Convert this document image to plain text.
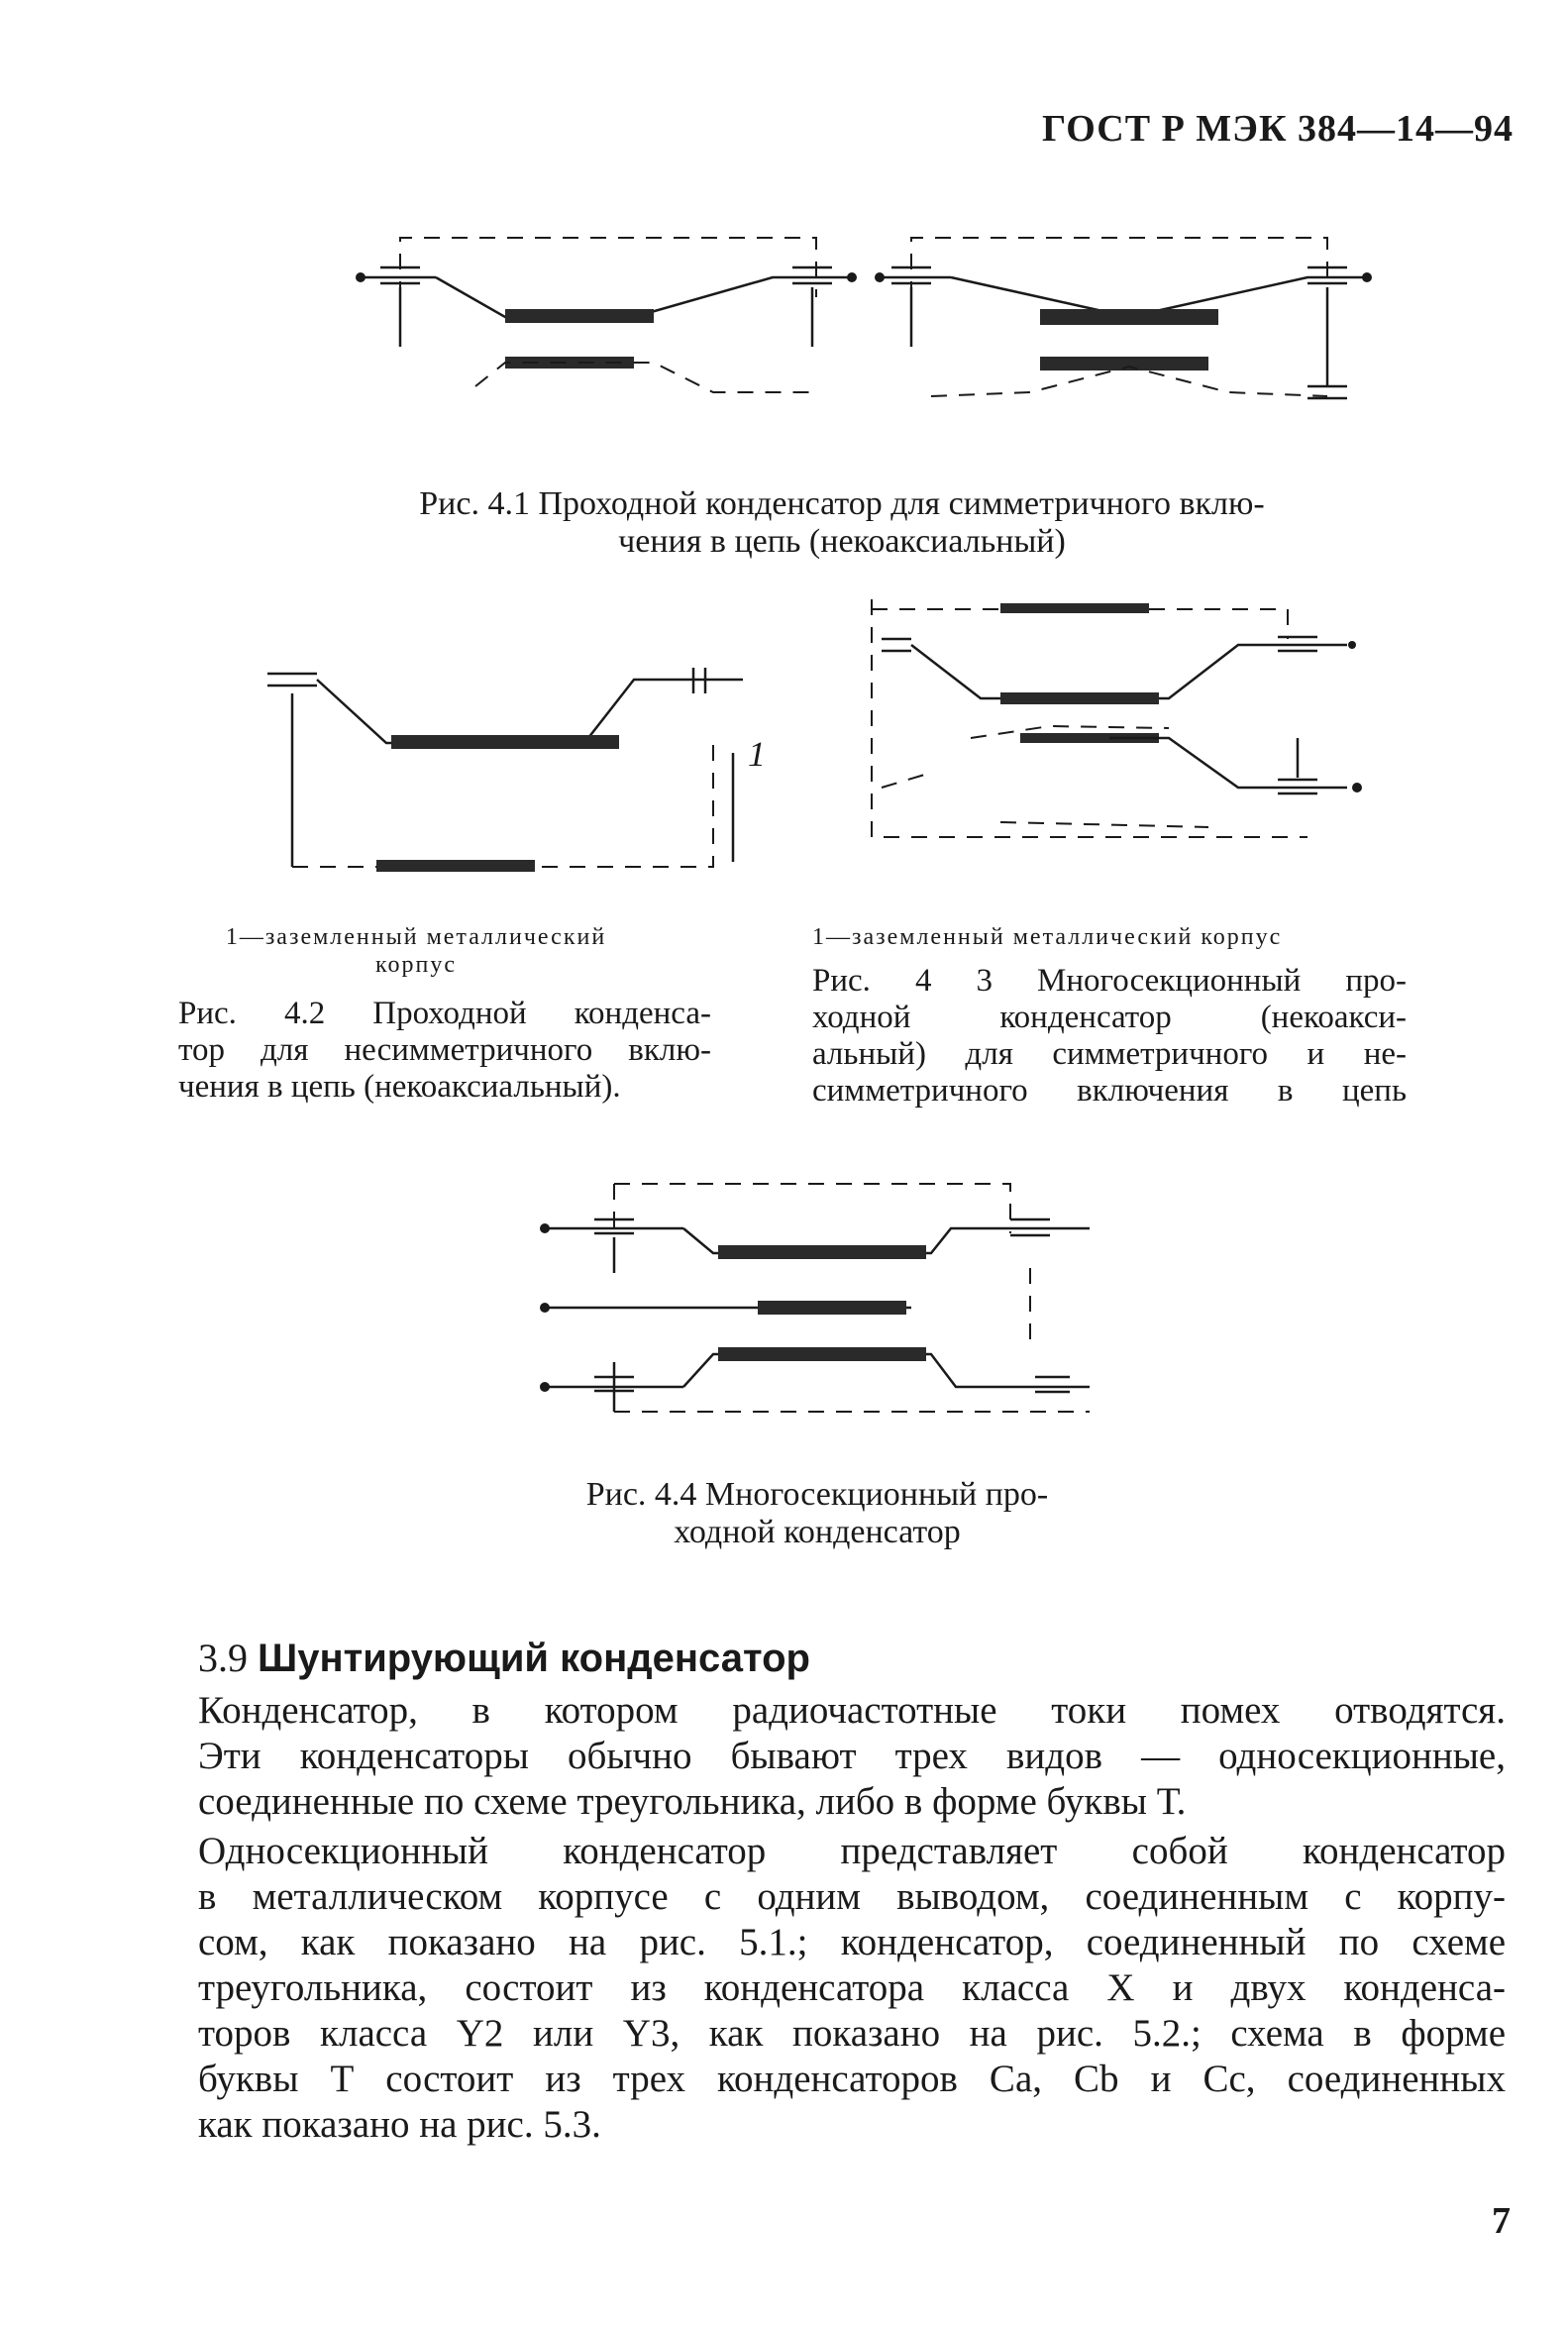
ГОСТ Р МЭК 384—14—94
Рис. 4.1 Проходной конденсатор для симметричного вклю-
чения в цепь (некоаксиальный)
1
1—заземленный металлический
корпус
Рис. 4.2 Проходной конденса-
тор для несимметричного вклю-
чения в цепь (некоаксиальный).
1—заземленный металлический корпус
Рис. 4 3 Многосекционный про-
ходной конденсатор (некоакси-
альный) для симметричного и не-
симметричного включения в цепь
Рис. 4.4 Многосекционный про-
ходной конденсатор
3.9 Шунтирующий конденсатор
Конденсатор, в котором радиочастотные токи помех отводятся.
Эти конденсаторы обычно бывают трех видов — односекционные,
соединенные по схеме треугольника, либо в форме буквы Т.
Односекционный конденсатор представляет собой конденсатор
в металлическом корпусе с одним выводом, соединенным с корпу-
сом, как показано на рис. 5.1.; конденсатор, соединенный по схеме
треугольника, состоит из конденсатора класса X и двух конденса-
торов класса Y2 или Y3, как показано на рис. 5.2.; схема в форме
буквы Т состоит из трех конденсаторов Ca, Cb и Cc, соединенных
как показано на рис. 5.3.
7
